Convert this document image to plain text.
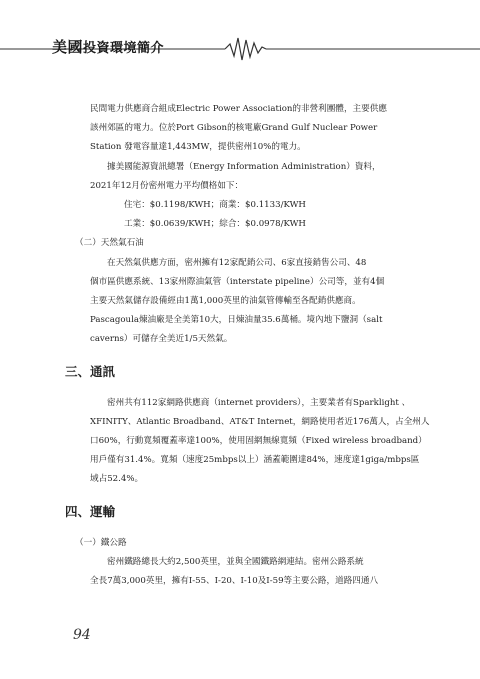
美國投資環境簡介

民間電力供應商合組成Electric Power Association的非營利團體，主要供應

該州郊區的電力。位於Port Gibson的核電廠Grand Gulf Nuclear Power

Station 發電容量達1,443MW，提供密州10%的電力。

據美國能源資訊總署（Energy Information Administration）資料，

2021年12月份密州電力平均價格如下：

住宅：$0.1198/KWH；商業：$0.1133/KWH

工業：$0.0639/KWH；綜合：$0.0978/KWH

（二）天然氣石油

在天然氣供應方面，密州擁有12家配銷公司、6家直接銷售公司、48

個市區供應系統、13家州際油氣管（interstate pipeline）公司等，並有4個

主要天然氣儲存設備經由1萬1,000英里的油氣管傳輸至各配銷供應商。

Pascagoula煉油廠是全美第10大，日煉油量35.6萬桶。境內地下鹽洞（salt

caverns）可儲存全美近1/5天然氣。

三、通訊

密州共有112家網路供應商（internet providers），主要業者有Sparklight 、

XFINITY、Atlantic Broadband、AT&T Internet，網路使用者近176萬人，占全州人

口60%，行動寬頻覆蓋率達100%，使用固網無線寬頻（Fixed wireless broadband）

用戶僅有31.4%。寬頻（速度25mbps以上）涵蓋範圍達84%，速度達1giga/mbps區

域占52.4%。

四、運輸

（一）鐵公路

密州鐵路總長大約2,500英里，並與全國鐵路網連結。密州公路系統

全長7萬3,000英里，擁有I-55、I-20、I-10及I-59等主要公路，道路四通八

94
